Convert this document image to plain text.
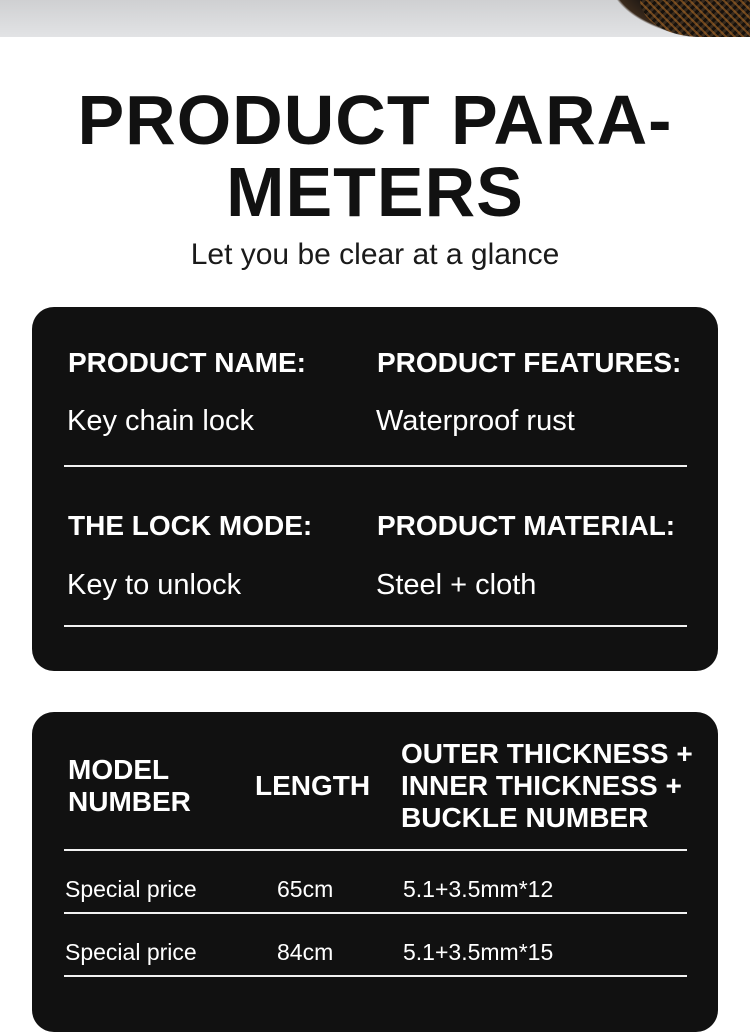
PRODUCT PARA- METERS
Let you be clear at a glance
PRODUCT NAME:
Key chain lock
PRODUCT FEATURES:
Waterproof rust
THE LOCK MODE:
Key to unlock
PRODUCT MATERIAL:
Steel + cloth
MODEL NUMBER
LENGTH
OUTER THICKNESS + INNER THICKNESS + BUCKLE NUMBER
Special price	65cm	5.1+3.5mm*12
Special price	84cm	5.1+3.5mm*15
